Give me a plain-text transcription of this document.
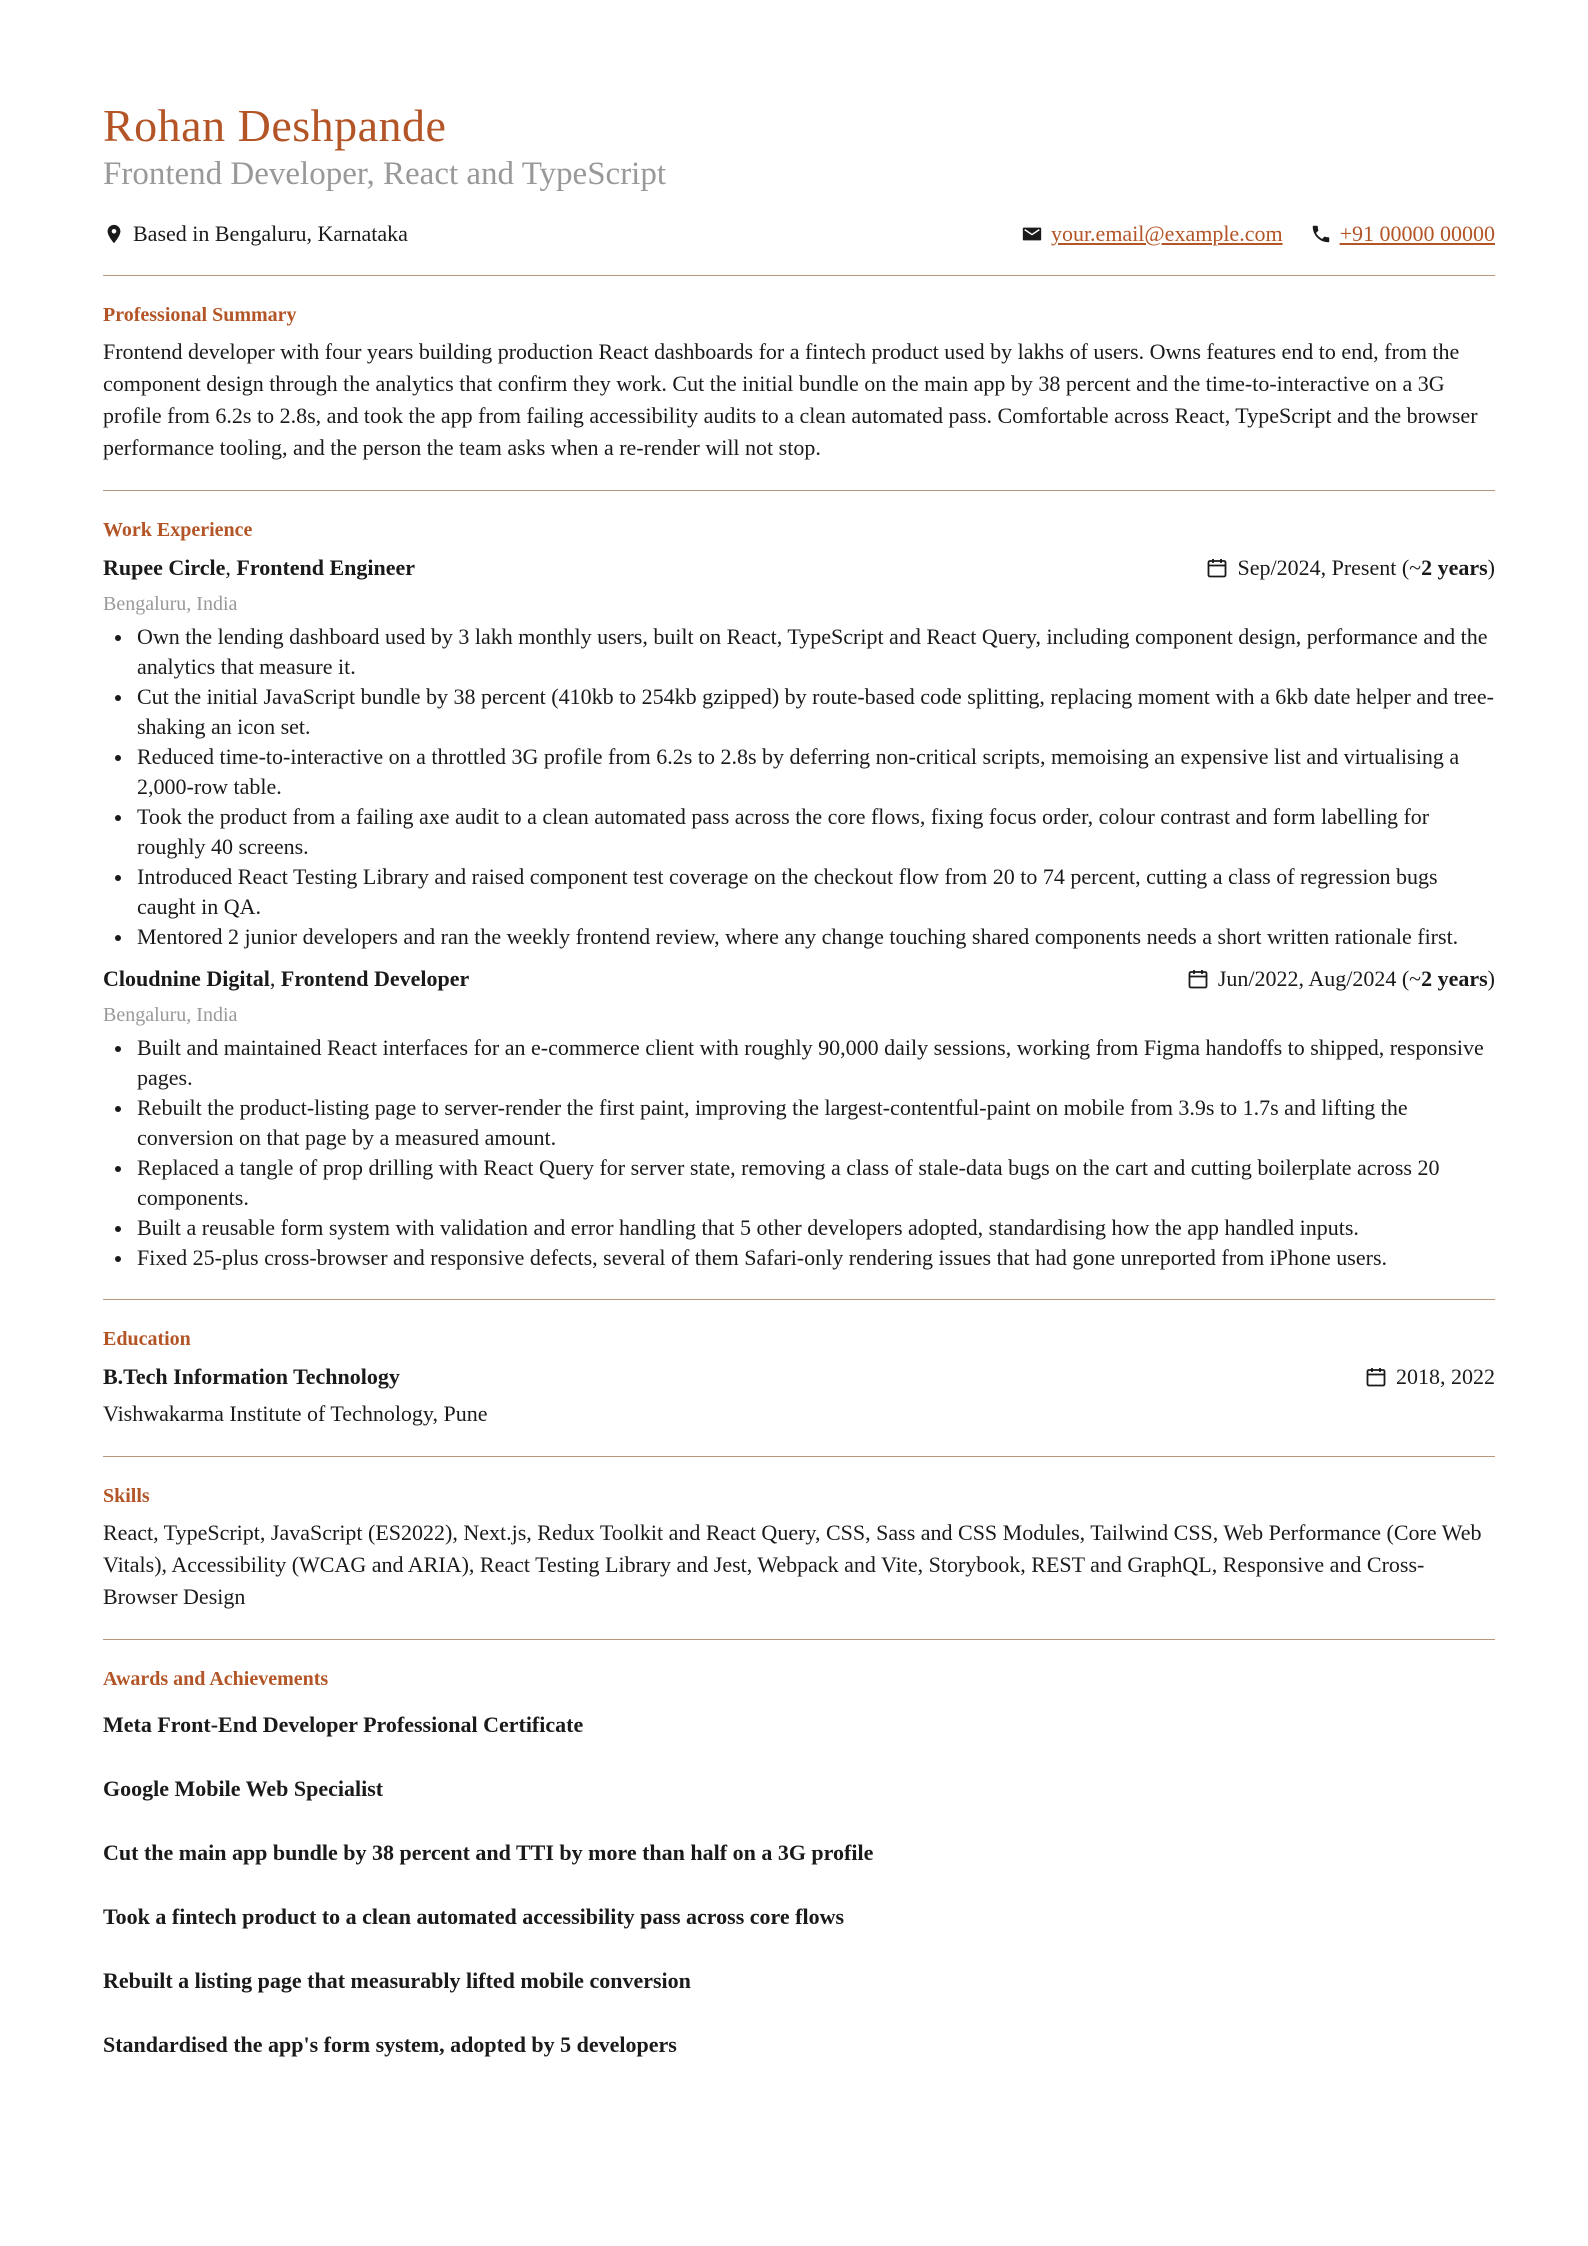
Rohan Deshpande
Frontend Developer, React and TypeScript
Based in Bengaluru, Karnataka	your.email@example.com	+91 00000 00000
Professional Summary

Frontend developer with four years building production React dashboards for a fintech product used by lakhs of users. Owns features end to end, from the component design through the analytics that confirm they work. Cut the initial bundle on the main app by 38 percent and the time-to-interactive on a 3G profile from 6.2s to 2.8s, and took the app from failing accessibility audits to a clean automated pass. Comfortable across React, TypeScript and the browser performance tooling, and the person the team asks when a re-render will not stop.

Work Experience
Rupee Circle, Frontend Engineer	Sep/2024, Present (~ 2 years )
Bengaluru, India
Own the lending dashboard used by 3 lakh monthly users, built on React, TypeScript and React Query, including component design, performance and the analytics that measure it.
Cut the initial JavaScript bundle by 38 percent (410kb to 254kb gzipped) by route-based code splitting, replacing moment with a 6kb date helper and tree-shaking an icon set.
Reduced time-to-interactive on a throttled 3G profile from 6.2s to 2.8s by deferring non-critical scripts, memoising an expensive list and virtualising a 2,000-row table.
Took the product from a failing axe audit to a clean automated pass across the core flows, fixing focus order, colour contrast and form labelling for roughly 40 screens.
Introduced React Testing Library and raised component test coverage on the checkout flow from 20 to 74 percent, cutting a class of regression bugs caught in QA.
Mentored 2 junior developers and ran the weekly frontend review, where any change touching shared components needs a short written rationale first.
Cloudnine Digital, Frontend Developer	Jun/2022, Aug/2024 (~ 2 years )
Bengaluru, India
Built and maintained React interfaces for an e-commerce client with roughly 90,000 daily sessions, working from Figma handoffs to shipped, responsive pages.
Rebuilt the product-listing page to server-render the first paint, improving the largest-contentful-paint on mobile from 3.9s to 1.7s and lifting the conversion on that page by a measured amount.
Replaced a tangle of prop drilling with React Query for server state, removing a class of stale-data bugs on the cart and cutting boilerplate across 20 components.
Built a reusable form system with validation and error handling that 5 other developers adopted, standardising how the app handled inputs.
Fixed 25-plus cross-browser and responsive defects, several of them Safari-only rendering issues that had gone unreported from iPhone users.
Education
B.Tech Information Technology	2018, 2022
Vishwakarma Institute of Technology, Pune
Skills

React, TypeScript, JavaScript (ES2022), Next.js, Redux Toolkit and React Query, CSS, Sass and CSS Modules, Tailwind CSS, Web Performance (Core Web Vitals), Accessibility (WCAG and ARIA), React Testing Library and Jest, Webpack and Vite, Storybook, REST and GraphQL, Responsive and Cross-Browser Design

Awards and Achievements
Meta Front-End Developer Professional Certificate
Google Mobile Web Specialist
Cut the main app bundle by 38 percent and TTI by more than half on a 3G profile
Took a fintech product to a clean automated accessibility pass across core flows
Rebuilt a listing page that measurably lifted mobile conversion
Standardised the app's form system, adopted by 5 developers
